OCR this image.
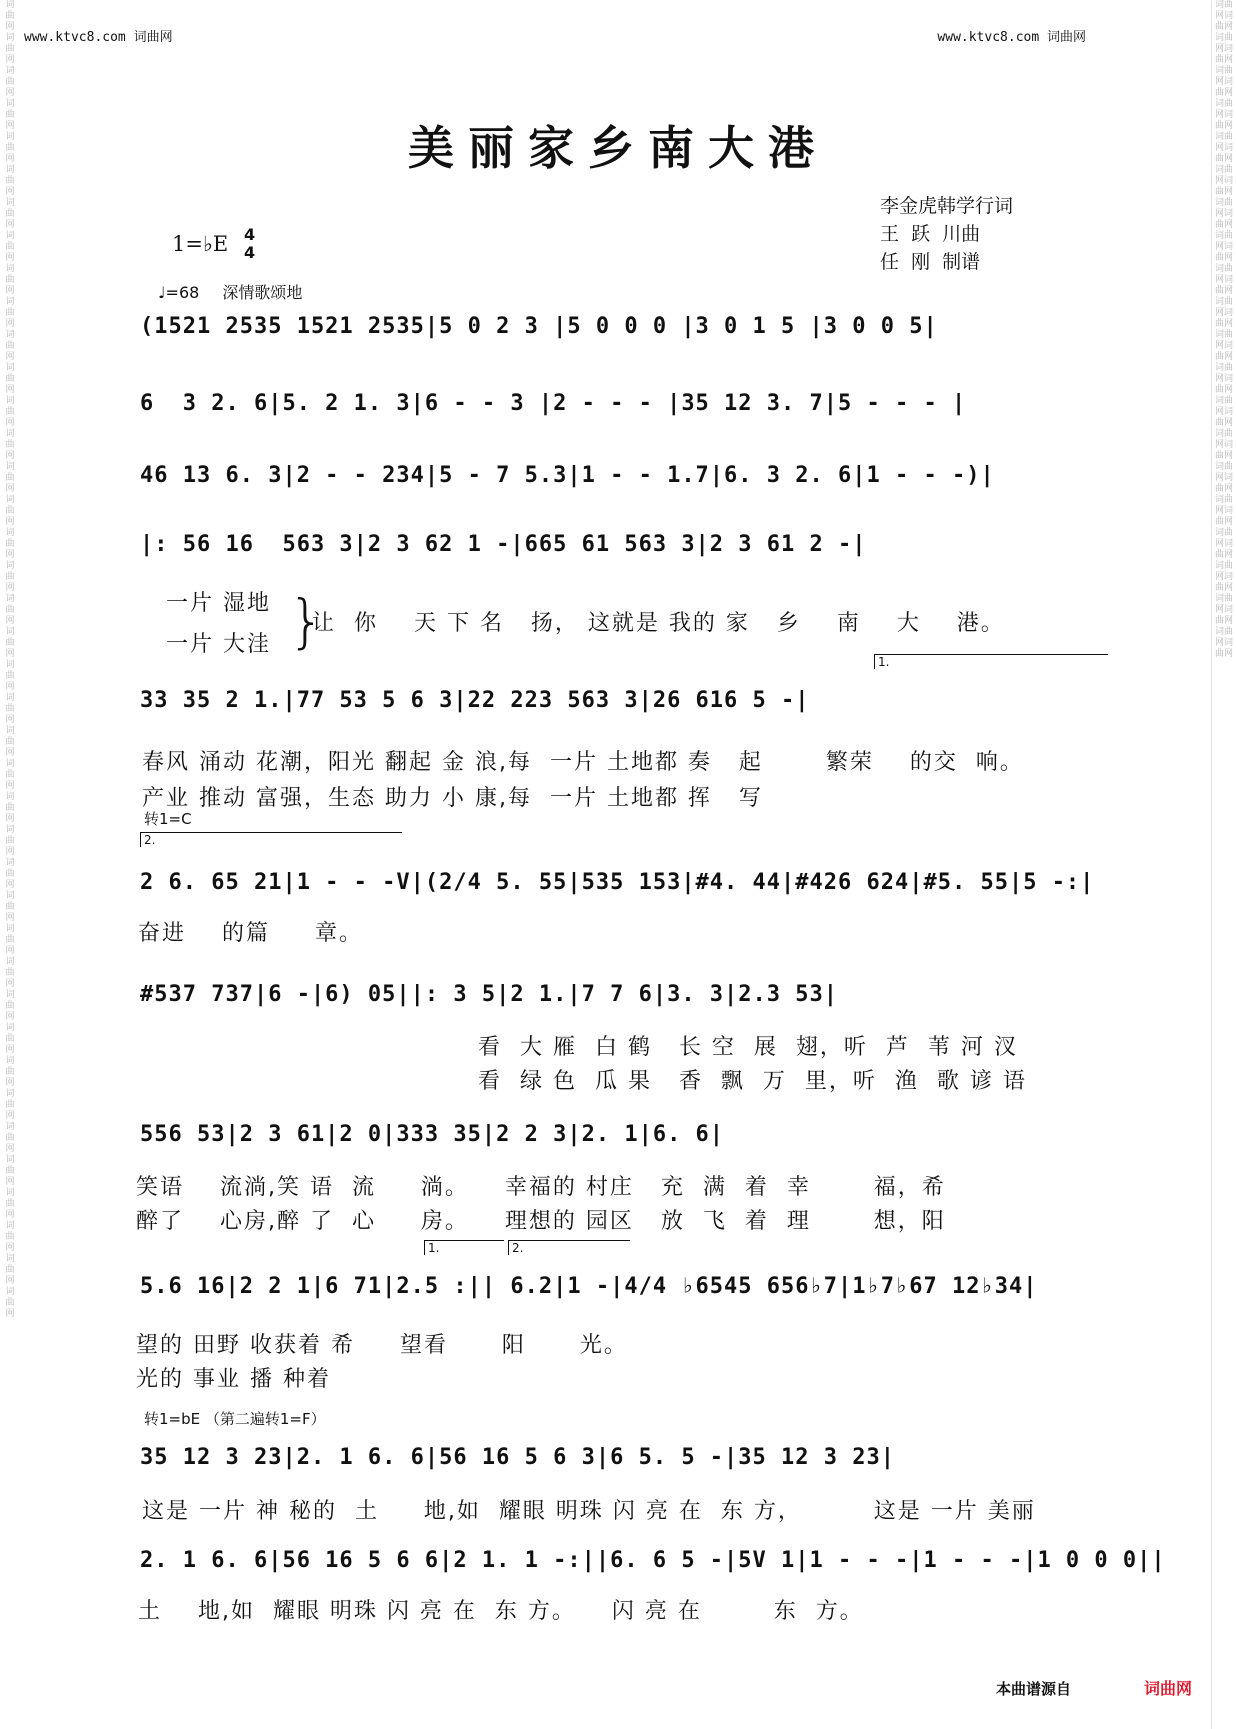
词曲网词曲网词曲网词曲网词曲网词曲网词曲网词曲网词曲网词曲网词曲网词曲网词曲网词曲网词曲网词曲网词曲网词曲网词曲网词曲网词曲网词曲网词曲网词曲网词曲网词曲网词曲网词曲网词曲网词曲网词曲网词曲网词曲网词曲网词曲网词曲网词曲网词曲网词曲网词曲网
词曲网词曲网词曲网词曲网词曲网词曲网词曲网词曲网词曲网词曲网词曲网词曲网词曲网词曲网词曲网词曲网词曲网词曲网词曲网词曲网词曲网词曲网词曲网词曲网词曲网词曲网词曲网词曲网词曲网词曲网词曲网词曲网词曲网词曲网词曲网词曲网词曲网词曲网词曲网词曲网
www.ktvc8.com 词曲网	www.ktvc8.com 词曲网
美丽家乡南大港
李金虎韩学行词
王  跃  川曲
任  刚  制谱
1=♭E 4
4
♩=68 深情歌颂地
(1521 2535 1521 2535|5 0 2 3 |5 0 0 0 |3 0 1 5 |3 0 0 5|
6  3 2. 6|5. 2 1. 3|6 - - 3 |2 - - - |35 12 3. 7|5 - - - |
46 13 6. 3|2 - - 234|5 - 7 5.3|1 - - 1.7|6. 3 2. 6|1 - - -)|
|: 56 16  563 3|2 3 62 1 -|665 61 563 3|2 3 61 2 -|
一片 湿地
一片 大洼 }
让  你    天 下 名   扬， 这就是 我的 家   乡    南    大    港。
1.
33 35 2 1.|77 53 5 6 3|22 223 563 3|26 616 5 -|
春风 涌动 花潮，阳光 翻起 金 浪,每  一片 土地都 奏   起       繁荣    的交  响。
产业 推动 富强，生态 助力 小 康,每  一片 土地都 挥   写
转1=C
2.
2 6. 65 21|1 - - -V|(2/4 5. 55|535 153|#4. 44|#426 624|#5. 55|5 -:|
奋进    的篇     章。
#537 737|6 -|6) 05||: 3 5|2 1.|7 7 6|3. 3|2.3 53|
看  大 雁  白 鹤   长 空  展  翅，听  芦  苇 河 汊
看  绿 色  瓜 果   香  飘  万  里，听  渔  歌 谚 语
556 53|2 3 61|2 0|333 35|2 2 3|2. 1|6. 6|
笑语    流淌,笑 语  流     淌。    幸福的 村庄   充  满  着  幸       福，希
醉了    心房,醉 了  心     房。    理想的 园区   放  飞  着  理       想，阳
1.	2.
5.6 16|2 2 1|6 71|2.5 :|| 6.2|1 -|4/4 ♭6545 656♭7|1♭7♭67 12♭34|
望的 田野 收获着 希     望看      阳      光。
光的 事业 播 种着
转1=bE （第二遍转1=F）
35 12 3 23|2. 1 6. 6|56 16 5 6 3|6 5. 5 -|35 12 3 23|
这是 一片 神 秘的  土     地,如  耀眼 明珠 闪 亮 在  东 方，        这是 一片 美丽
2. 1 6. 6|56 16 5 6 6|2 1. 1 -:||6. 6 5 -|5V 1|1 - - -|1 - - -|1 0 0 0||
土    地,如  耀眼 明珠 闪 亮 在  东 方。    闪 亮 在        东  方。
本曲谱源自	词曲网
